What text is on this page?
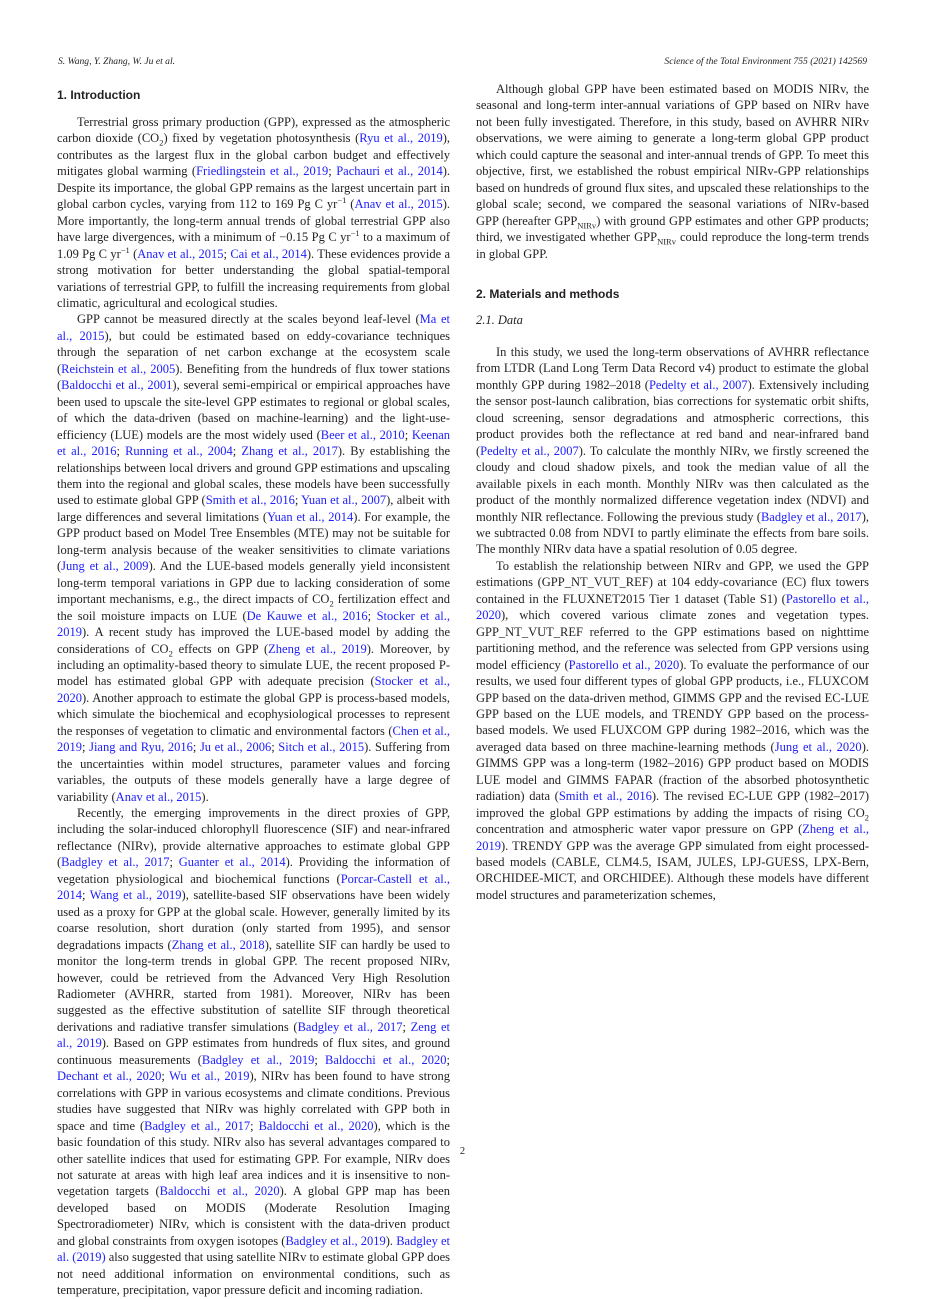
S. Wang, Y. Zhang, W. Ju et al.	Science of the Total Environment 755 (2021) 142569
1. Introduction

Terrestrial gross primary production (GPP), expressed as the atmospheric carbon dioxide $(CO_2)$ fixed by vegetation photosynthesis (Ryu et al., 2019), contributes as the largest flux in the global carbon budget and effectively mitigates global warming (Friedlingstein et al., 2019; Pachauri et al., 2014). Despite its importance, the global GPP remains as the largest uncertain part in global carbon cycles, varying from 112 to 169 Pg C $yr^{-1}$ (Anav et al., 2015). More importantly, the long-term annual trends of global terrestrial GPP also have large divergences, with a minimum of −0.15 Pg C $yr^{-1}$ to a maximum of 1.09 Pg C $yr^{-1}$ (Anav et al., 2015; Cai et al., 2014). These evidences provide a strong motivation for better understanding the global spatial-temporal variations of terrestrial GPP, to fulfill the increasing requirements from global climatic, agricultural and ecological studies.

GPP cannot be measured directly at the scales beyond leaf-level (Ma et al., 2015), but could be estimated based on eddy-covariance techniques through the separation of net carbon exchange at the ecosystem scale (Reichstein et al., 2005). Benefiting from the hundreds of flux tower stations (Baldocchi et al., 2001), several semi-empirical or empirical approaches have been used to upscale the site-level GPP estimates to regional or global scales, of which the data-driven (based on machine-learning) and the light-use-efficiency (LUE) models are the most widely used (Beer et al., 2010; Keenan et al., 2016; Running et al., 2004; Zhang et al., 2017). By establishing the relationships between local drivers and ground GPP estimations and upscaling them into the regional and global scales, these models have been successfully used to estimate global GPP (Smith et al., 2016; Yuan et al., 2007), albeit with large differences and several limitations (Yuan et al., 2014). For example, the GPP product based on Model Tree Ensembles (MTE) may not be suitable for long-term analysis because of the weaker sensitivities to climate variations (Jung et al., 2009). And the LUE-based models generally yield inconsistent long-term temporal variations in GPP due to lacking consideration of some important mechanisms, e.g., the direct impacts of $CO_2$ fertilization effect and the soil moisture impacts on LUE (De Kauwe et al., 2016; Stocker et al., 2019). A recent study has improved the LUE-based model by adding the considerations of $CO_2$ effects on GPP (Zheng et al., 2019). Moreover, by including an optimality-based theory to simulate LUE, the recent proposed P-model has estimated global GPP with adequate precision (Stocker et al., 2020). Another approach to estimate the global GPP is process-based models, which simulate the biochemical and ecophysiological processes to represent the responses of vegetation to climatic and environmental factors (Chen et al., 2019; Jiang and Ryu, 2016; Ju et al., 2006; Sitch et al., 2015). Suffering from the uncertainties within model structures, parameter values and forcing variables, the outputs of these models generally have a large degree of variability (Anav et al., 2015).

Recently, the emerging improvements in the direct proxies of GPP, including the solar-induced chlorophyll fluorescence (SIF) and near-infrared reflectance (NIRv), provide alternative approaches to estimate global GPP (Badgley et al., 2017; Guanter et al., 2014). Providing the information of vegetation physiological and biochemical functions (Porcar-Castell et al., 2014; Wang et al., 2019), satellite-based SIF observations have been widely used as a proxy for GPP at the global scale. However, generally limited by its coarse resolution, short duration (only started from 1995), and sensor degradations impacts (Zhang et al., 2018), satellite SIF can hardly be used to monitor the long-term trends in global GPP. The recent proposed NIRv, however, could be retrieved from the Advanced Very High Resolution Radiometer (AVHRR, started from 1981). Moreover, NIRv has been suggested as the effective substitution of satellite SIF through theoretical derivations and radiative transfer simulations (Badgley et al., 2017; Zeng et al., 2019). Based on GPP estimates from hundreds of flux sites, and ground continuous measurements (Badgley et al., 2019; Baldocchi et al., 2020; Dechant et al., 2020; Wu et al., 2019), NIRv has been found to have strong correlations with GPP in various ecosystems and climate conditions. Previous studies have suggested that NIRv was highly correlated with GPP both in space and time (Badgley et al., 2017; Baldocchi et al., 2020), which is the basic foundation of this study. NIRv also has several advantages compared to other satellite indices that used for estimating GPP. For example, NIRv does not saturate at areas with high leaf area indices and it is insensitive to non-vegetation targets (Baldocchi et al., 2020). A global GPP map has been developed based on MODIS (Moderate Resolution Imaging Spectroradiometer) NIRv, which is consistent with the data-driven product and global constraints from oxygen isotopes (Badgley et al., 2019). Badgley et al. (2019) also suggested that using satellite NIRv to estimate global GPP does not need additional information on environmental conditions, such as temperature, precipitation, vapor pressure deficit and incoming radiation.

Although global GPP have been estimated based on MODIS NIRv, the seasonal and long-term inter-annual variations of GPP based on NIRv have not been fully investigated. Therefore, in this study, based on AVHRR NIRv observations, we were aiming to generate a long-term global GPP product which could capture the seasonal and inter-annual trends of GPP. To meet this objective, first, we established the robust empirical NIRv-GPP relationships based on hundreds of ground flux sites, and upscaled these relationships to the global scale; second, we compared the seasonal variations of NIRv-based GPP (hereafter $GPP_{NIRv}$) with ground GPP estimates and other GPP products; third, we investigated whether $GPP_{NIRv}$ could reproduce the long-term trends in global GPP.

2. Materials and methods
2.1. Data

In this study, we used the long-term observations of AVHRR reflectance from LTDR (Land Long Term Data Record v4) product to estimate the global monthly GPP during 1982–2018 (Pedelty et al., 2007). Extensively including the sensor post-launch calibration, bias corrections for systematic orbit shifts, cloud screening, sensor degradations and atmospheric corrections, this product provides both the reflectance at red band and near-infrared band (Pedelty et al., 2007). To calculate the monthly NIRv, we firstly screened the cloudy and cloud shadow pixels, and took the median value of all the available pixels in each month. Monthly NIRv was then calculated as the product of the monthly normalized difference vegetation index (NDVI) and monthly NIR reflectance. Following the previous study (Badgley et al., 2017), we subtracted 0.08 from NDVI to partly eliminate the effects from bare soils. The monthly NIRv data have a spatial resolution of 0.05 degree.

To establish the relationship between NIRv and GPP, we used the GPP estimations (GPP_NT_VUT_REF) at 104 eddy-covariance (EC) flux towers contained in the FLUXNET2015 Tier 1 dataset (Table S1) (Pastorello et al., 2020), which covered various climate zones and vegetation types. GPP_NT_VUT_REF referred to the GPP estimations based on nighttime partitioning method, and the reference was selected from GPP versions using model efficiency (Pastorello et al., 2020). To evaluate the performance of our results, we used four different types of global GPP products, i.e., FLUXCOM GPP based on the data-driven method, GIMMS GPP and the revised EC-LUE GPP based on the LUE models, and TRENDY GPP based on the process-based models. We used FLUXCOM GPP during 1982–2016, which was the averaged data based on three machine-learning methods (Jung et al., 2020). GIMMS GPP was a long-term (1982–2016) GPP product based on MODIS LUE model and GIMMS FAPAR (fraction of the absorbed photosynthetic radiation) data (Smith et al., 2016). The revised EC-LUE GPP (1982–2017) improved the global GPP estimations by adding the impacts of rising $CO_2$ concentration and atmospheric water vapor pressure on GPP (Zheng et al., 2019). TRENDY GPP was the average GPP simulated from eight processed-based models (CABLE, CLM4.5, ISAM, JULES, LPJ-GUESS, LPX-Bern, ORCHIDEE-MICT, and ORCHIDEE). Although these models have different model structures and parameterization schemes,

2
